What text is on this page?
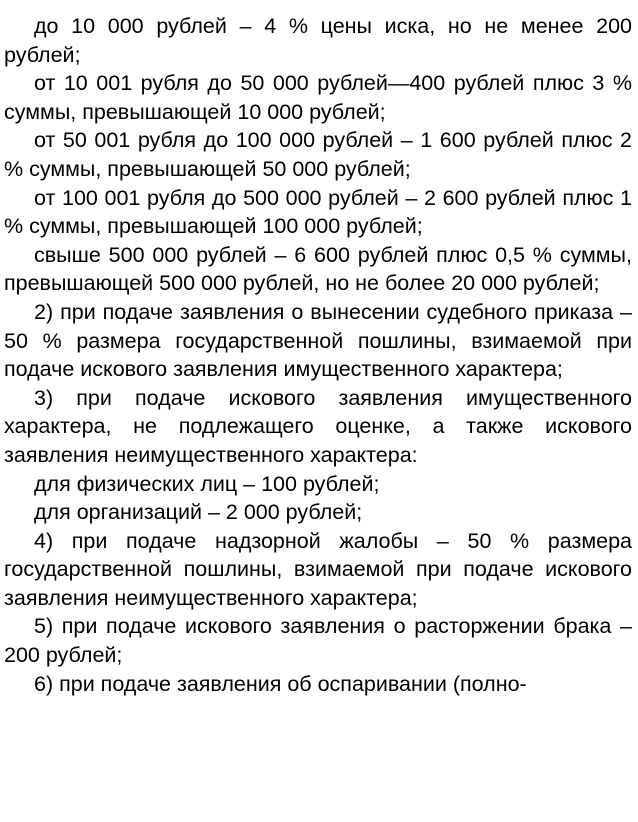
до 10 000 рублей – 4 % цены иска, но не менее 200 рублей;

от 10 001 рубля до 50 000 рублей—400 рублей плюс 3 % суммы, превышающей 10 000 рублей;

от 50 001 рубля до 100 000 рублей – 1 600 рублей плюс 2 % суммы, превышающей 50 000 рублей;

от 100 001 рубля до 500 000 рублей – 2 600 рублей плюс 1 % суммы, превышающей 100 000 рублей;

свыше 500 000 рублей – 6 600 рублей плюс 0,5 % суммы, превышающей 500 000 рублей, но не более 20 000 рублей;

2) при подаче заявления о вынесении судебного приказа – 50 % размера государственной пошлины, взимаемой при подаче искового заявления имущественного характера;

3) при подаче искового заявления имущественного характера, не подлежащего оценке, а также искового заявления неимущественного характера:

для физических лиц – 100 рублей;

для организаций – 2 000 рублей;

4) при подаче надзорной жалобы – 50 % размера государственной пошлины, взимаемой при подаче искового заявления неимущественного характера;

5) при подаче искового заявления о расторжении брака – 200 рублей;

6) при подаче заявления об оспаривании (полно-
